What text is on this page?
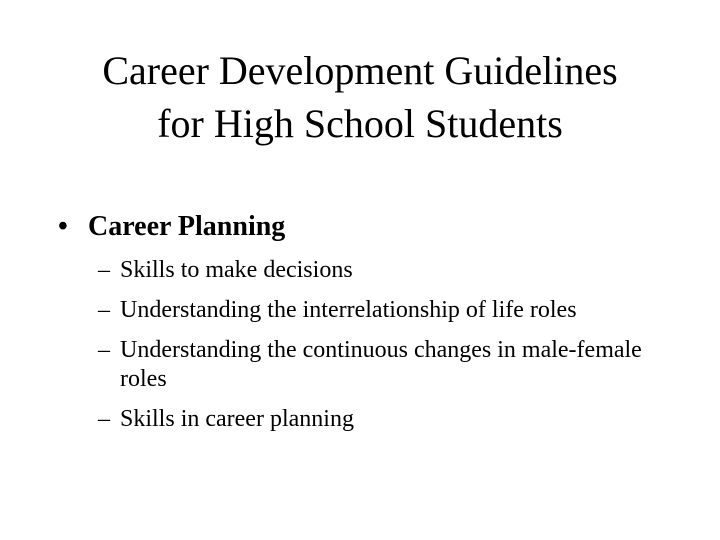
Career Development Guidelines
for High School Students
• Career Planning
– Skills to make decisions
– Understanding the interrelationship of life roles
– Understanding the continuous changes in male-female roles
– Skills in career planning
